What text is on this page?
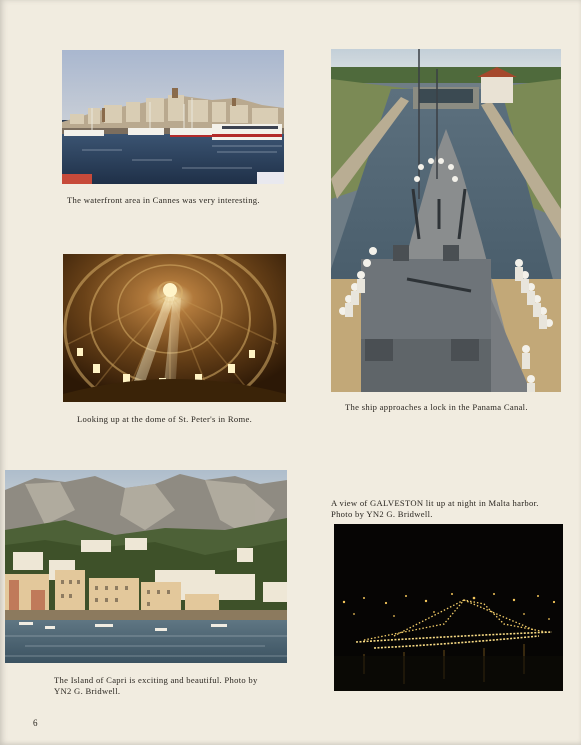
The waterfront area in Cannes was very interesting.
Looking up at the dome of St. Peter's in Rome.
The ship approaches a lock in the Panama Canal.
The Island of Capri is exciting and beautiful. Photo by
YN2 G. Bridwell.
A view of GALVESTON lit up at night in Malta harbor.
Photo by YN2 G. Bridwell.
6
